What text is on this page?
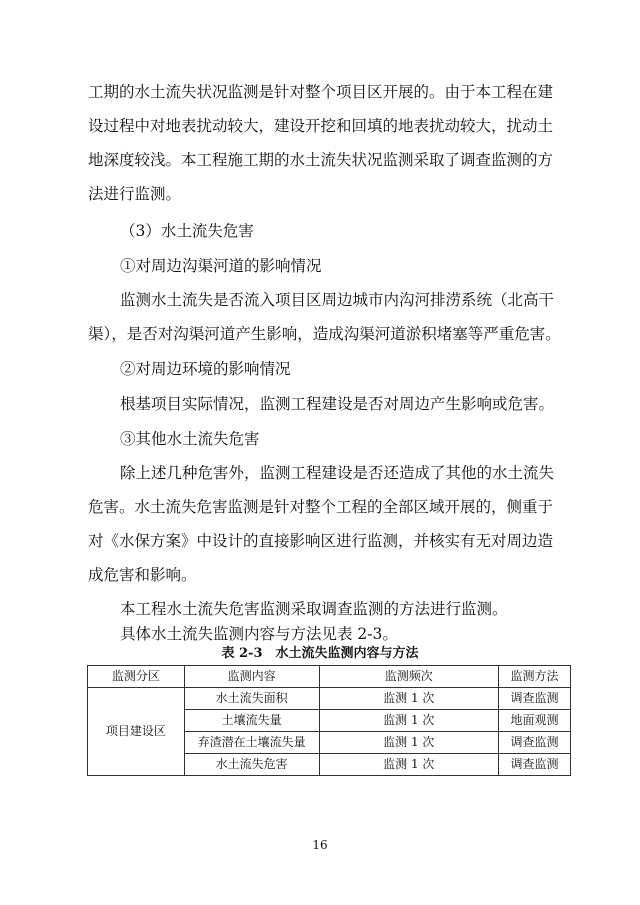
工期的水土流失状况监测是针对整个项目区开展的。由于本工程在建

设过程中对地表扰动较大，建设开挖和回填的地表扰动较大，扰动土

地深度较浅。本工程施工期的水土流失状况监测采取了调查监测的方

法进行监测。

（3）水土流失危害

①对周边沟渠河道的影响情况

监测水土流失是否流入项目区周边城市内沟河排涝系统（北高干

渠），是否对沟渠河道产生影响，造成沟渠河道淤积堵塞等严重危害。

②对周边环境的影响情况

根基项目实际情况，监测工程建设是否对周边产生影响或危害。

③其他水土流失危害

除上述几种危害外，监测工程建设是否还造成了其他的水土流失

危害。水土流失危害监测是针对整个工程的全部区域开展的，侧重于

对《水保方案》中设计的直接影响区进行监测，并核实有无对周边造

成危害和影响。

本工程水土流失危害监测采取调查监测的方法进行监测。

具体水土流失监测内容与方法见表 2-3。

表 2-3　水土流失监测内容与方法
监测分区	监测内容	监测频次	监测方法
项目建设区	水土流失面积	监测 1 次	调查监测
	土壤流失量	监测 1 次	地面观测
	弃渣潜在土壤流失量	监测 1 次	调查监测
	水土流失危害	监测 1 次	调查监测
16
